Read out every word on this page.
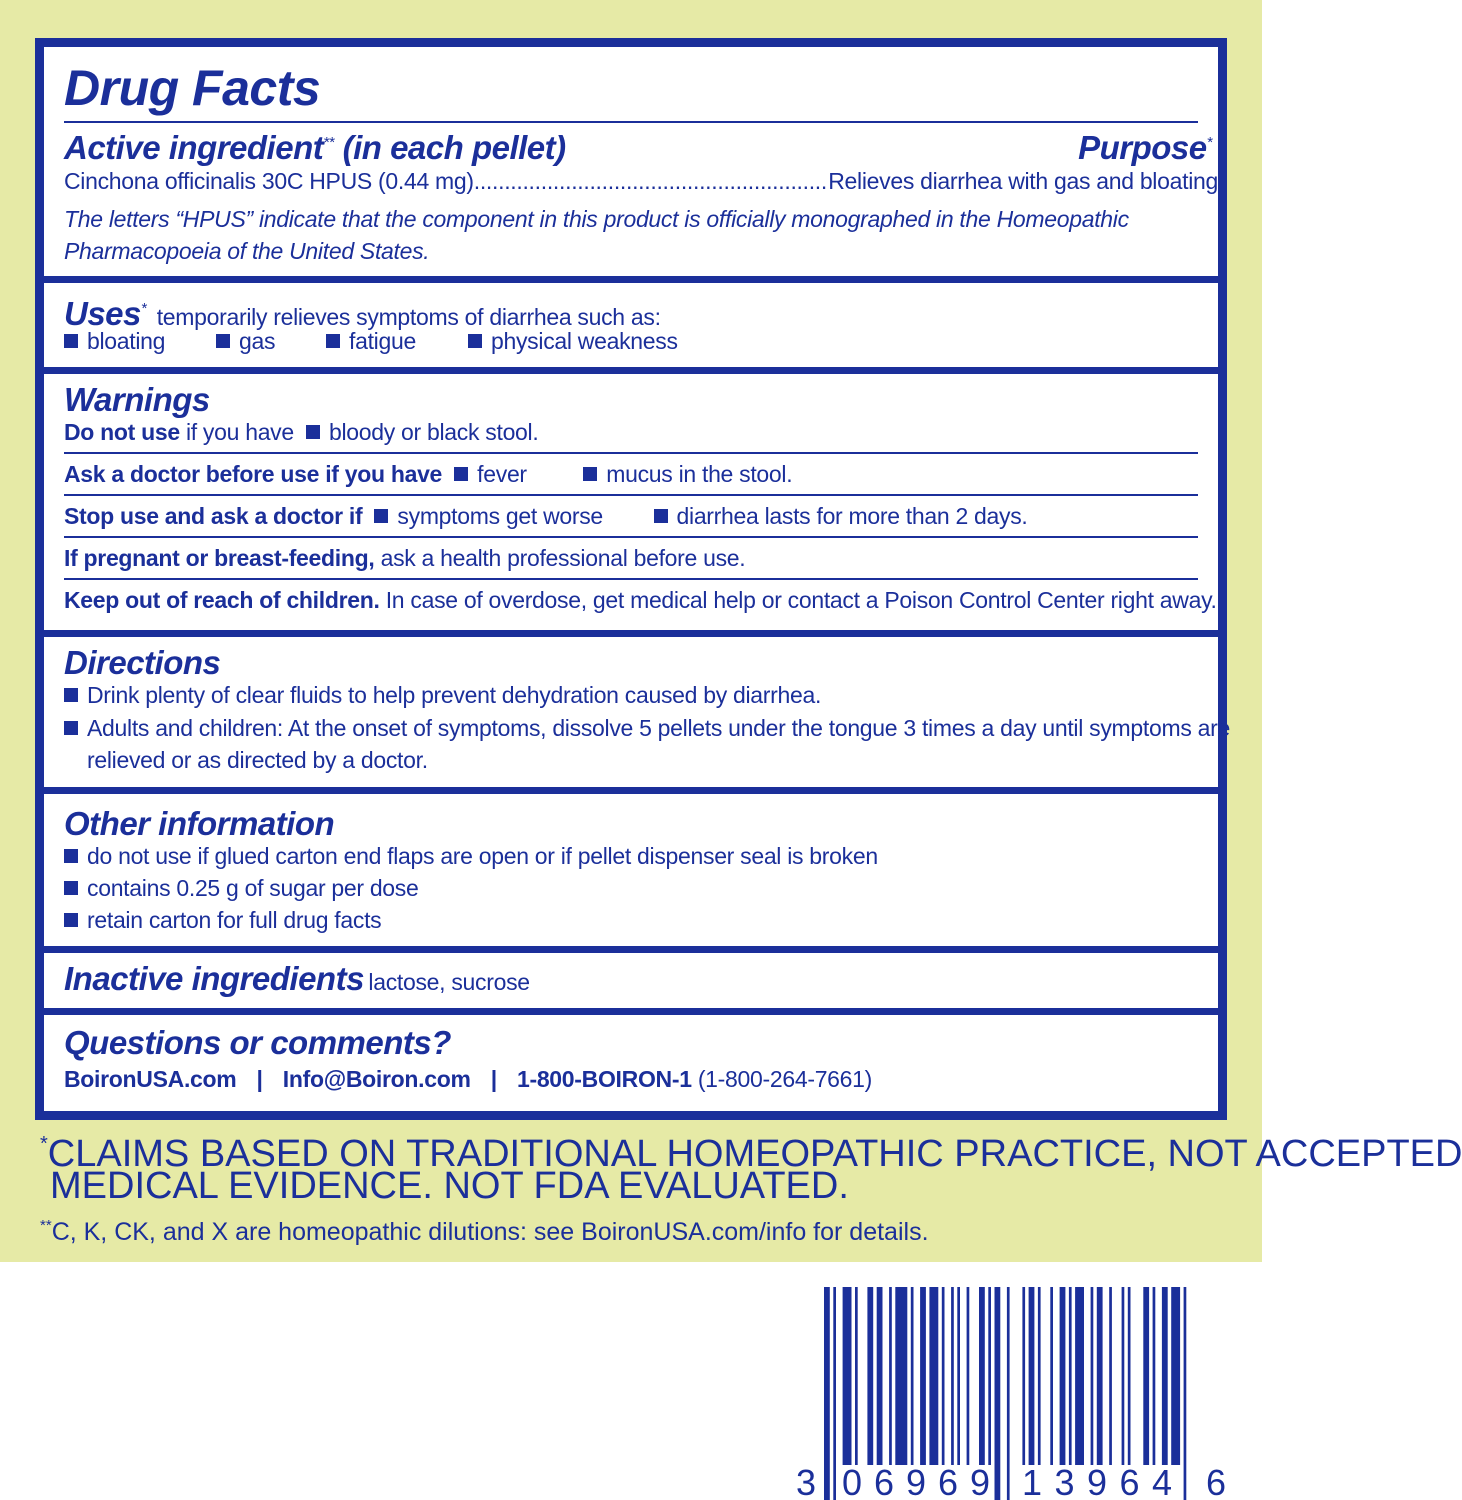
Drug Facts
Active ingredient** (in each pellet)	Purpose*
Cinchona officinalis 30C HPUS (0.44 mg).......................................................... Relieves diarrhea with gas and bloating
The letters “HPUS” indicate that the component in this product is officially monographed in the Homeopathic
Pharmacopoeia of the United States.
Uses* temporarily relieves symptoms of diarrhea such as:
bloating	gas	fatigue	physical weakness
Warnings
Do not use if you have bloody or black stool.
Ask a doctor before use if you have fever	mucus in the stool.
Stop use and ask a doctor if symptoms get worse	diarrhea lasts for more than 2 days.
If pregnant or breast-feeding, ask a health professional before use.
Keep out of reach of children. In case of overdose, get medical help or contact a Poison Control Center right away.
Directions
Drink plenty of clear fluids to help prevent dehydration caused by diarrhea.
Adults and children: At the onset of symptoms, dissolve 5 pellets under the tongue 3 times a day until symptoms are
relieved or as directed by a doctor.
Other information
do not use if glued carton end flaps are open or if pellet dispenser seal is broken
contains 0.25 g of sugar per dose
retain carton for full drug facts
Inactive ingredients lactose, sucrose
Questions or comments?
BoironUSA.com | Info@Boiron.com | 1-800-BOIRON-1 (1-800-264-7661)
*CLAIMS BASED ON TRADITIONAL HOMEOPATHIC PRACTICE, NOT ACCEPTED
MEDICAL EVIDENCE. NOT FDA EVALUATED.
**C, K, CK, and X are homeopathic dilutions: see BoironUSA.com/info for details.
3 06969 13964 6
